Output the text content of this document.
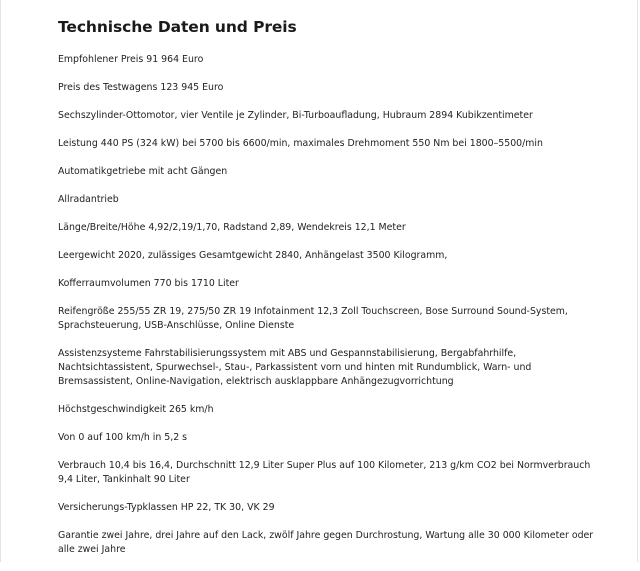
Technische Daten und Preis

Empfohlener Preis 91 964 Euro

Preis des Testwagens 123 945 Euro

Sechszylinder-Ottomotor, vier Ventile je Zylinder, Bi-Turboaufladung, Hubraum 2894 Kubikzentimeter

Leistung 440 PS (324 kW) bei 5700 bis 6600/min, maximales Drehmoment 550 Nm bei 1800–5500/min

Automatikgetriebe mit acht Gängen

Allradantrieb

Länge/Breite/Höhe 4,92/2,19/1,70, Radstand 2,89, Wendekreis 12,1 Meter

Leergewicht 2020, zulässiges Gesamtgewicht 2840, Anhängelast 3500 Kilogramm,

Kofferraumvolumen 770 bis 1710 Liter

Reifengröße 255/55 ZR 19, 275/50 ZR 19 Infotainment 12,3 Zoll Touchscreen, Bose Surround Sound-System, Sprachsteuerung, USB-Anschlüsse, Online Dienste

Assistenzsysteme Fahrstabilisierungssystem mit ABS und Gespannstabilisierung, Bergabfahrhilfe, Nachtsichtassistent, Spurwechsel-, Stau-, Parkassistent vorn und hinten mit Rundumblick, Warn- und Bremsassistent, Online-Navigation, elektrisch ausklappbare Anhängezugvorrichtung

Höchstgeschwindigkeit 265 km/h

Von 0 auf 100 km/h in 5,2 s

Verbrauch 10,4 bis 16,4, Durchschnitt 12,9 Liter Super Plus auf 100 Kilometer, 213 g/km CO2 bei Normverbrauch 9,4 Liter, Tankinhalt 90 Liter

Versicherungs-Typklassen HP 22, TK 30, VK 29

Garantie zwei Jahre, drei Jahre auf den Lack, zwölf Jahre gegen Durchrostung, Wartung alle 30 000 Kilometer oder alle zwei Jahre
